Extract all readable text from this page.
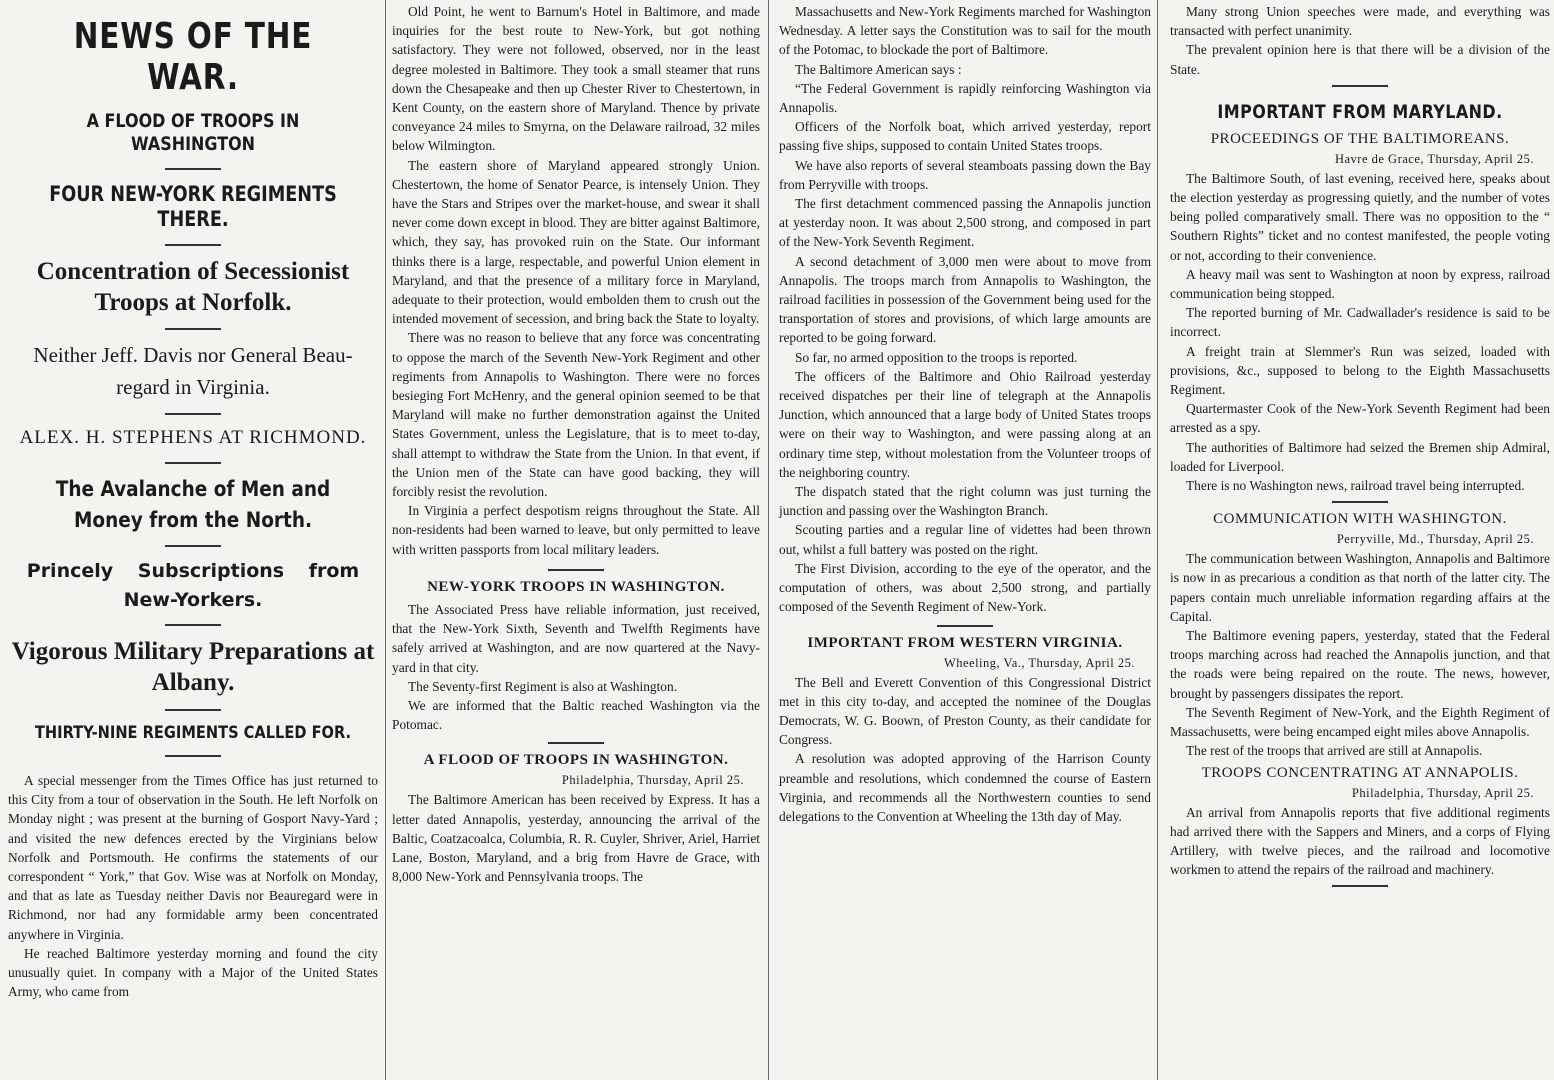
NEWS OF THE WAR.
A FLOOD OF TROOPS IN WASHINGTON
FOUR NEW-YORK REGIMENTS THERE.
Concentration of Secessionist Troops at Norfolk.
Neither Jeff. Davis nor General Beau-regard in Virginia.
ALEX. H. STEPHENS AT RICHMOND.
The Avalanche of Men and Money from the North.
Princely Subscriptions from New-Yorkers.
Vigorous Military Preparations at Albany.
THIRTY-NINE REGIMENTS CALLED FOR.

A special messenger from the Times Office has just returned to this City from a tour of observation in the South. He left Norfolk on Monday night ; was present at the burning of Gosport Navy-Yard ; and visited the new defences erected by the Virginians below Norfolk and Portsmouth. He confirms the statements of our correspondent “ York,” that Gov. Wise was at Norfolk on Monday, and that as late as Tuesday neither Davis nor Beauregard were in Richmond, nor had any formidable army been concentrated anywhere in Virginia.

He reached Baltimore yesterday morning and found the city unusually quiet. In company with a Major of the United States Army, who came from

Old Point, he went to Barnum's Hotel in Baltimore, and made inquiries for the best route to New-York, but got nothing satisfactory. They were not followed, observed, nor in the least degree molested in Baltimore. They took a small steamer that runs down the Chesapeake and then up Chester River to Chestertown, in Kent County, on the eastern shore of Maryland. Thence by private conveyance 24 miles to Smyrna, on the Delaware railroad, 32 miles below Wilmington.

The eastern shore of Maryland appeared strongly Union. Chestertown, the home of Senator Pearce, is intensely Union. They have the Stars and Stripes over the market-house, and swear it shall never come down except in blood. They are bitter against Baltimore, which, they say, has provoked ruin on the State. Our informant thinks there is a large, respectable, and powerful Union element in Maryland, and that the presence of a military force in Maryland, adequate to their protection, would embolden them to crush out the intended movement of secession, and bring back the State to loyalty.

There was no reason to believe that any force was concentrating to oppose the march of the Seventh New-York Regiment and other regiments from Annapolis to Washington. There were no forces besieging Fort McHenry, and the general opinion seemed to be that Maryland will make no further demonstration against the United States Government, unless the Legislature, that is to meet to-day, shall attempt to withdraw the State from the Union. In that event, if the Union men of the State can have good backing, they will forcibly resist the revolution.

In Virginia a perfect despotism reigns throughout the State. All non-residents had been warned to leave, but only permitted to leave with written passports from local military leaders.

NEW-YORK TROOPS IN WASHINGTON.

The Associated Press have reliable information, just received, that the New-York Sixth, Seventh and Twelfth Regiments have safely arrived at Washington, and are now quartered at the Navy-yard in that city.

The Seventy-first Regiment is also at Washington.

We are informed that the Baltic reached Washington via the Potomac.

A FLOOD OF TROOPS IN WASHINGTON.
Philadelphia, Thursday, April 25.

The Baltimore American has been received by Express. It has a letter dated Annapolis, yesterday, announcing the arrival of the Baltic, Coatzacoalca, Columbia, R. R. Cuyler, Shriver, Ariel, Harriet Lane, Boston, Maryland, and a brig from Havre de Grace, with 8,000 New-York and Pennsylvania troops. The

Massachusetts and New-York Regiments marched for Washington Wednesday. A letter says the Constitution was to sail for the mouth of the Potomac, to blockade the port of Baltimore.

The Baltimore American says :

“The Federal Government is rapidly reinforcing Washington via Annapolis.

Officers of the Norfolk boat, which arrived yesterday, report passing five ships, supposed to contain United States troops.

We have also reports of several steamboats passing down the Bay from Perryville with troops.

The first detachment commenced passing the Annapolis junction at yesterday noon. It was about 2,500 strong, and composed in part of the New-York Seventh Regiment.

A second detachment of 3,000 men were about to move from Annapolis. The troops march from Annapolis to Washington, the railroad facilities in possession of the Government being used for the transportation of stores and provisions, of which large amounts are reported to be going forward.

So far, no armed opposition to the troops is reported.

The officers of the Baltimore and Ohio Railroad yesterday received dispatches per their line of telegraph at the Annapolis Junction, which announced that a large body of United States troops were on their way to Washington, and were passing along at an ordinary time step, without molestation from the Volunteer troops of the neighboring country.

The dispatch stated that the right column was just turning the junction and passing over the Washington Branch.

Scouting parties and a regular line of videttes had been thrown out, whilst a full battery was posted on the right.

The First Division, according to the eye of the operator, and the computation of others, was about 2,500 strong, and partially composed of the Seventh Regiment of New-York.

IMPORTANT FROM WESTERN VIRGINIA.
Wheeling, Va., Thursday, April 25.

The Bell and Everett Convention of this Congressional District met in this city to-day, and accepted the nominee of the Douglas Democrats, W. G. Boown, of Preston County, as their candidate for Congress.

A resolution was adopted approving of the Harrison County preamble and resolutions, which condemned the course of Eastern Virginia, and recommends all the Northwestern counties to send delegations to the Convention at Wheeling the 13th day of May.

Many strong Union speeches were made, and everything was transacted with perfect unanimity.

The prevalent opinion here is that there will be a division of the State.

IMPORTANT FROM MARYLAND.
PROCEEDINGS OF THE BALTIMOREANS.
Havre de Grace, Thursday, April 25.

The Baltimore South, of last evening, received here, speaks about the election yesterday as progressing quietly, and the number of votes being polled comparatively small. There was no opposition to the “ Southern Rights” ticket and no contest manifested, the people voting or not, according to their convenience.

A heavy mail was sent to Washington at noon by express, railroad communication being stopped.

The reported burning of Mr. Cadwallader's residence is said to be incorrect.

A freight train at Slemmer's Run was seized, loaded with provisions, &c., supposed to belong to the Eighth Massachusetts Regiment.

Quartermaster Cook of the New-York Seventh Regiment had been arrested as a spy.

The authorities of Baltimore had seized the Bremen ship Admiral, loaded for Liverpool.

There is no Washington news, railroad travel being interrupted.

COMMUNICATION WITH WASHINGTON.
Perryville, Md., Thursday, April 25.

The communication between Washington, Annapolis and Baltimore is now in as precarious a condition as that north of the latter city. The papers contain much unreliable information regarding affairs at the Capital.

The Baltimore evening papers, yesterday, stated that the Federal troops marching across had reached the Annapolis junction, and that the roads were being repaired on the route. The news, however, brought by passengers dissipates the report.

The Seventh Regiment of New-York, and the Eighth Regiment of Massachusetts, were being encamped eight miles above Annapolis.

The rest of the troops that arrived are still at Annapolis.

TROOPS CONCENTRATING AT ANNAPOLIS.
Philadelphia, Thursday, April 25.

An arrival from Annapolis reports that five additional regiments had arrived there with the Sappers and Miners, and a corps of Flying Artillery, with twelve pieces, and the railroad and locomotive workmen to attend the repairs of the railroad and machinery.
